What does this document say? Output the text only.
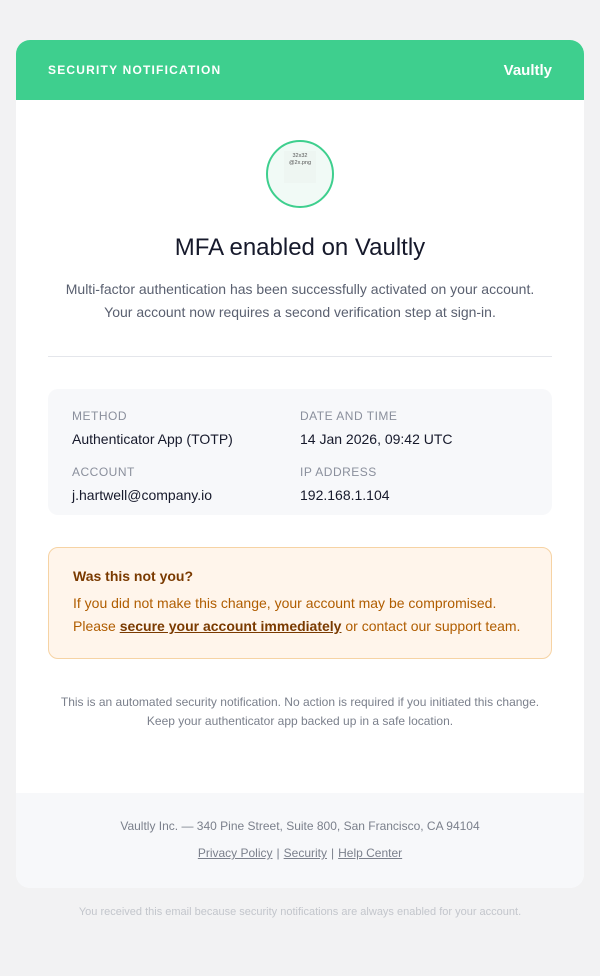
SECURITY NOTIFICATION	Vaultly
32x32
@2x.png
MFA enabled on Vaultly
Multi-factor authentication has been successfully activated on your account. Your account now requires a second verification step at sign-in.
METHOD
Authenticator App (TOTP)
DATE AND TIME
14 Jan 2026, 09:42 UTC
ACCOUNT
j.hartwell@company.io
IP ADDRESS
192.168.1.104
Was this not you?
If you did not make this change, your account may be compromised. Please secure your account immediately or contact our support team.
This is an automated security notification. No action is required if you initiated this change. Keep your authenticator app backed up in a safe location.
Vaultly Inc. — 340 Pine Street, Suite 800, San Francisco, CA 94104
Privacy Policy | Security | Help Center
You received this email because security notifications are always enabled for your account.
